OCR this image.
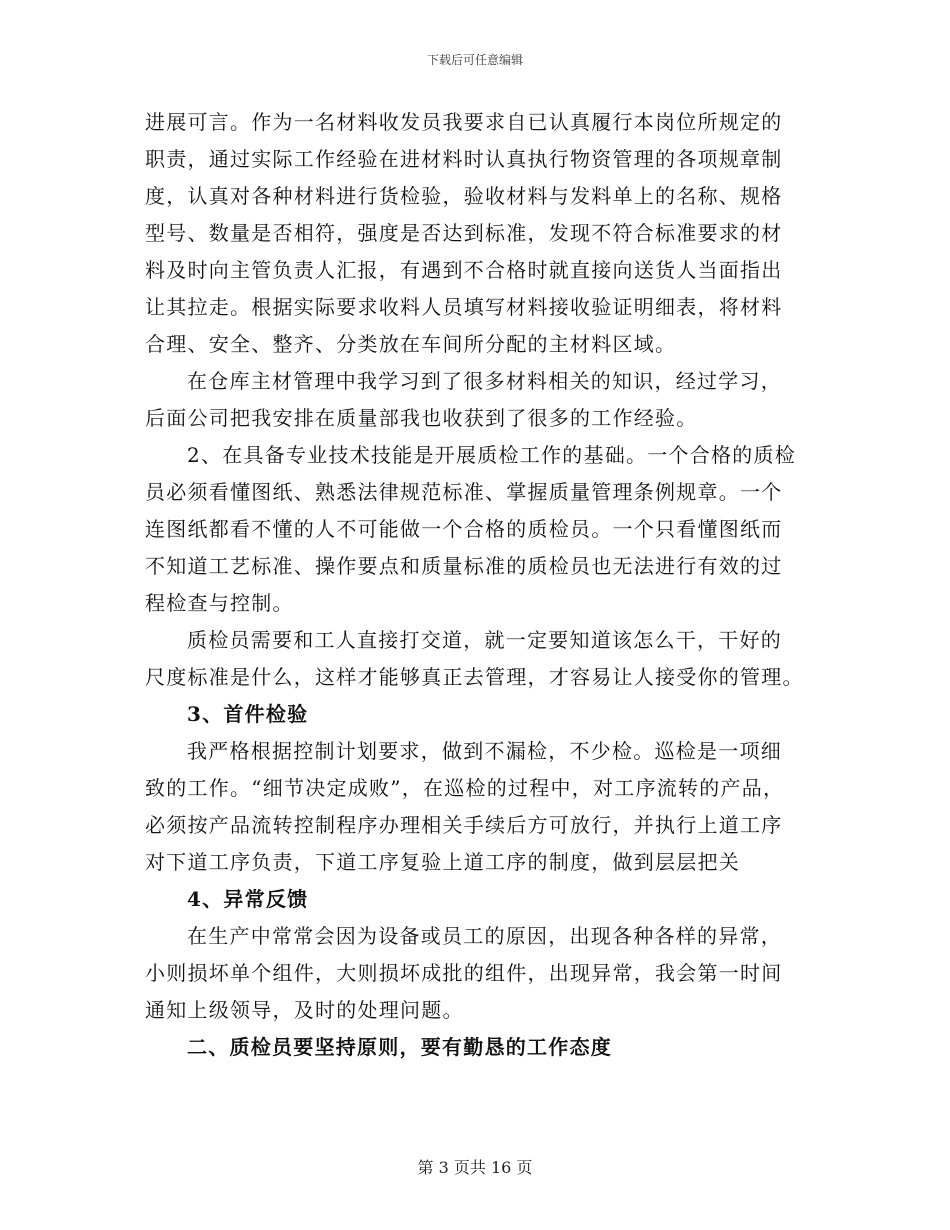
下载后可任意编辑

进展可言。作为一名材料收发员我要求自已认真履行本岗位所规定的

职责，通过实际工作经验在进材料时认真执行物资管理的各项规章制

度，认真对各种材料进行货检验，验收材料与发料单上的名称、规格

型号、数量是否相符，强度是否达到标准，发现不符合标准要求的材

料及时向主管负责人汇报，有遇到不合格时就直接向送货人当面指出

让其拉走。根据实际要求收料人员填写材料接收验证明细表，将材料

合理、安全、整齐、分类放在车间所分配的主材料区域。

在仓库主材管理中我学习到了很多材料相关的知识，经过学习，

后面公司把我安排在质量部我也收获到了很多的工作经验。

2、在具备专业技术技能是开展质检工作的基础。一个合格的质检

员必须看懂图纸、熟悉法律规范标准、掌握质量管理条例规章。一个

连图纸都看不懂的人不可能做一个合格的质检员。一个只看懂图纸而

不知道工艺标准、操作要点和质量标准的质检员也无法进行有效的过

程检查与控制。

质检员需要和工人直接打交道，就一定要知道该怎么干，干好的

尺度标准是什么，这样才能够真正去管理，才容易让人接受你的管理。

3、首件检验

我严格根据控制计划要求，做到不漏检，不少检。巡检是一项细

致的工作。“细节决定成败”，在巡检的过程中，对工序流转的产品，

必须按产品流转控制程序办理相关手续后方可放行，并执行上道工序

对下道工序负责，下道工序复验上道工序的制度，做到层层把关

4、异常反馈

在生产中常常会因为设备或员工的原因，出现各种各样的异常，

小则损坏单个组件，大则损坏成批的组件，出现异常，我会第一时间

通知上级领导，及时的处理问题。

二、质检员要坚持原则，要有勤恳的工作态度

第 3 页共 16 页
